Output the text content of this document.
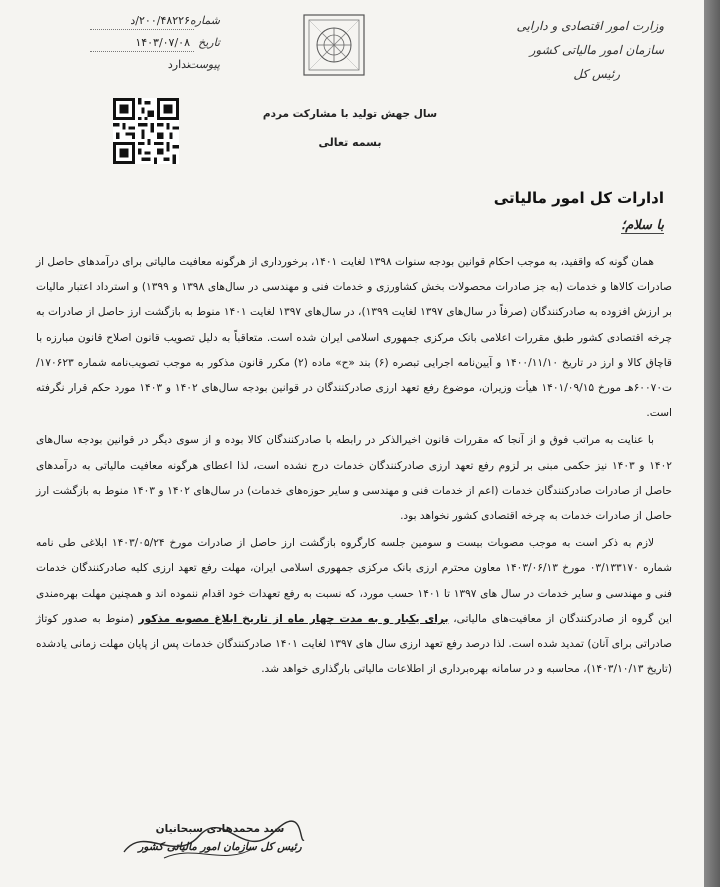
وزارت امور اقتصادی و دارایی
سازمان امور مالیاتی کشور
رئیس کل
سال جهش تولید با مشارکت مردم
بسمه تعالی
شماره
۲۰۰/۴۸۲۲۶/د
تاریخ
۱۴۰۳/۰۷/۰۸
پیوست
ندارد
ادارات کل امور مالیاتی
با سلام؛

همان گونه که واقفید، به موجب احکام قوانین بودجه سنوات ۱۳۹۸ لغایت ۱۴۰۱، برخورداری از هرگونه معافیت مالیاتی برای درآمدهای حاصل از صادرات کالاها و خدمات (به جز صادرات محصولات بخش کشاورزی و خدمات فنی و مهندسی در سال‌های ۱۳۹۸ و ۱۳۹۹) و استرداد اعتبار مالیات بر ارزش افزوده به صادرکنندگان (صرفاً در سال‌های ۱۳۹۷ لغایت ۱۳۹۹)، در سال‌های ۱۳۹۷ لغایت ۱۴۰۱ منوط به بازگشت ارز حاصل از صادرات به چرخه اقتصادی کشور طبق مقررات اعلامی بانک مرکزی جمهوری اسلامی ایران شده است. متعاقباً به دلیل تصویب قانون اصلاح قانون مبارزه با قاچاق کالا و ارز در تاریخ ۱۴۰۰/۱۱/۱۰ و آیین‌نامه اجرایی تبصره (۶) بند «ح» ماده (۲) مکرر قانون مذکور به موجب تصویب‌نامه شماره ۱۷۰۶۲۳/ت۶۰۰۷۰هـ مورخ ۱۴۰۱/۰۹/۱۵ هیأت وزیران، موضوع رفع تعهد ارزی صادرکنندگان در قوانین بودجه سال‌های ۱۴۰۲ و ۱۴۰۳ مورد حکم قرار نگرفته است.

با عنایت به مراتب فوق و از آنجا که مقررات قانون اخیرالذکر در رابطه با صادرکنندگان کالا بوده و از سوی دیگر در قوانین بودجه سال‌های ۱۴۰۲ و ۱۴۰۳ نیز حکمی مبنی بر لزوم رفع تعهد ارزی صادرکنندگان خدمات درج نشده است، لذا اعطای هرگونه معافیت مالیاتی به درآمدهای حاصل از صادرات صادرکنندگان خدمات (اعم از خدمات فنی و مهندسی و سایر حوزه‌های خدمات) در سال‌های ۱۴۰۲ و ۱۴۰۳ منوط به بازگشت ارز حاصل از صادرات خدمات به چرخه اقتصادی کشور نخواهد بود.

لازم به ذکر است به موجب مصوبات بیست و سومین جلسه کارگروه بازگشت ارز حاصل از صادرات مورخ ۱۴۰۳/۰۵/۲۴ ابلاغی طی نامه شماره ۰۳/۱۳۳۱۷۰ مورخ ۱۴۰۳/۰۶/۱۳ معاون محترم ارزی بانک مرکزی جمهوری اسلامی ایران، مهلت رفع تعهد ارزی کلیه صادرکنندگان خدمات فنی و مهندسی و سایر خدمات در سال های ۱۳۹۷ تا ۱۴۰۱ حسب مورد، که نسبت به رفع تعهدات خود اقدام ننموده اند و همچنین مهلت بهره‌مندی این گروه از صادرکنندگان از معافیت‌های مالیاتی، برای یکبار و به مدت چهار ماه از تاریخ ابلاغ مصوبه مذکور (منوط به صدور کوتاژ صادراتی برای آنان) تمدید شده است. لذا درصد رفع تعهد ارزی سال های ۱۳۹۷ لغایت ۱۴۰۱ صادرکنندگان خدمات پس از پایان مهلت زمانی یادشده (تاریخ ۱۴۰۳/۱۰/۱۳)، محاسبه و در سامانه بهره‌برداری از اطلاعات مالیاتی بارگذاری خواهد شد.

سید محمدهادی سبحانیان
رئیس کل سازمان امور مالیاتی کشور
